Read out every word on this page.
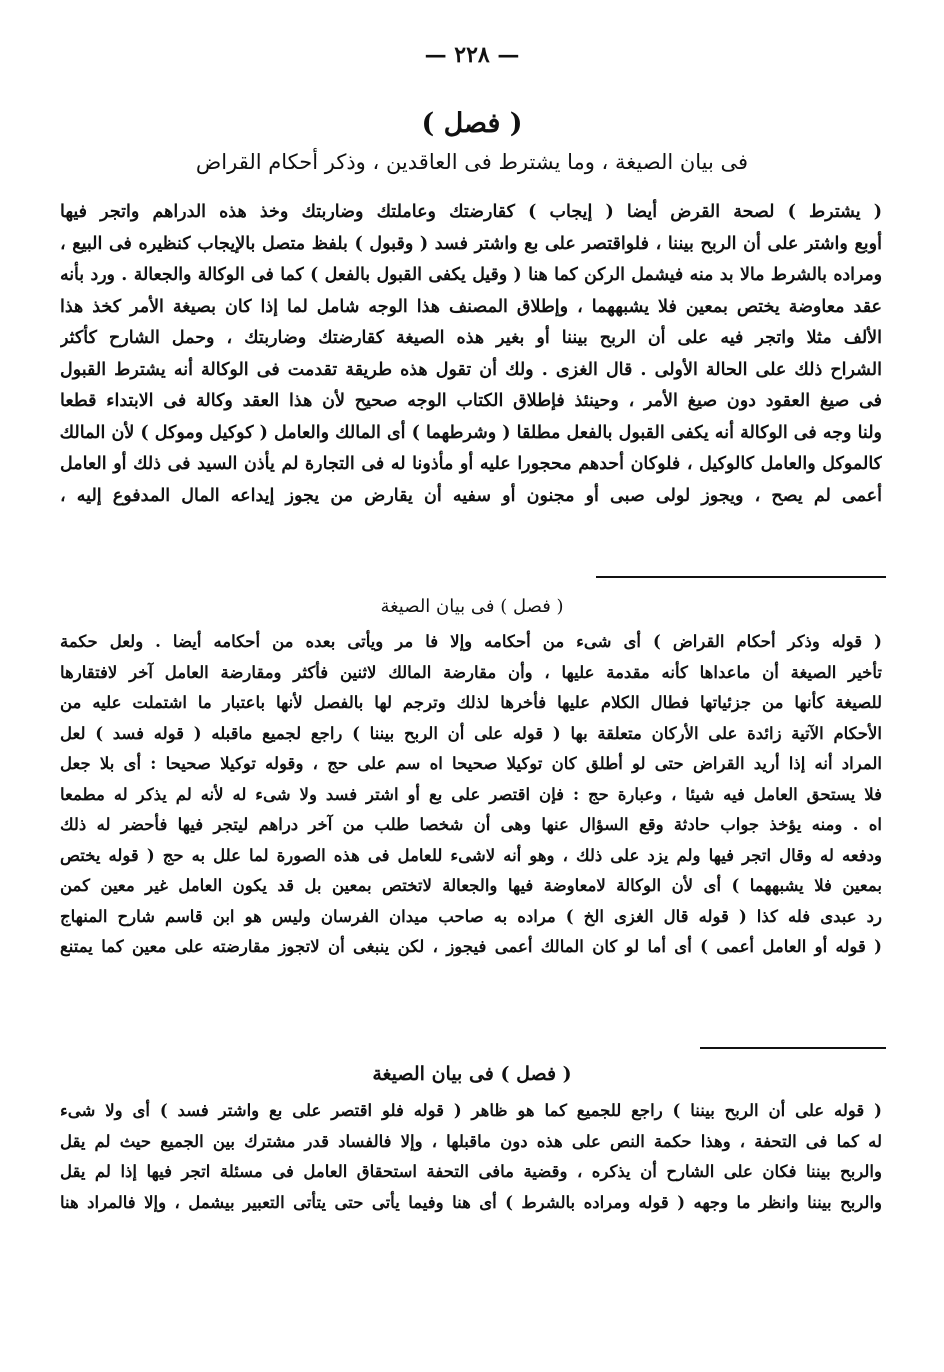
— ٢٢٨ —
( فصل )
فى بيان الصيغة ، وما يشترط فى العاقدين ، وذكر أحكام القراض
( يشترط ) لصحة القرض أيضا ( إيجاب ) كقارضتك وعاملتك وضاربتك وخذ هذه الدراهم واتجر فيها
أوبع واشتر على أن الربح بيننا ، فلواقتصر على بع واشتر فسد ( وقبول ) بلفظ متصل بالإيجاب كنظيره فى البيع ،
ومراده بالشرط مالا بد منه فيشمل الركن كما هنا ( وقيل يكفى القبول بالفعل ) كما فى الوكالة والجعالة . ورد بأنه
عقد معاوضة يختص بمعين فلا يشبههما ، وإطلاق المصنف هذا الوجه شامل لما إذا كان بصيغة الأمر كخذ هذا
الألف مثلا واتجر فيه على أن الربح بيننا أو بغير هذه الصيغة كقارضتك وضاربتك ، وحمل الشارح كأكثر
الشراح ذلك على الحالة الأولى . قال الغزى . ولك أن تقول هذه طريقة تقدمت فى الوكالة أنه يشترط القبول
فى صيغ العقود دون صيغ الأمر ، وحينئذ فإطلاق الكتاب الوجه صحيح لأن هذا العقد وكالة فى الابتداء قطعا
ولنا وجه فى الوكالة أنه يكفى القبول بالفعل مطلقا ( وشرطهما ) أى المالك والعامل ( كوكيل وموكل ) لأن المالك
كالموكل والعامل كالوكيل ، فلوكان أحدهم محجورا عليه أو مأذونا له فى التجارة لم يأذن السيد فى ذلك أو العامل
أعمى لم يصح ، ويجوز لولى صبى أو مجنون أو سفيه أن يقارض من يجوز إيداعه المال المدفوع إليه ،
( فصل ) فى بيان الصيغة
( قوله وذكر أحكام القراض ) أى شىء من أحكامه وإلا فا مر ويأتى بعده من أحكامه أيضا . ولعل حكمة
تأخير الصيغة أن ماعداها كأنه مقدمة عليها ، وأن مقارضة المالك لاثنين فأكثر ومقارضة العامل آخر لافتقارها
للصيغة كأنها من جزئياتها فطال الكلام عليها فأخرها لذلك وترجم لها بالفصل لأنها باعتبار ما اشتملت عليه من
الأحكام الآتية زائدة على الأركان متعلقة بها ( قوله على أن الربح بيننا ) راجع لجميع ماقبله ( قوله فسد ) لعل
المراد أنه إذا أريد القراض حتى لو أطلق كان توكيلا صحيحا اه سم على حج ، وقوله توكيلا صحيحا : أى بلا جعل
فلا يستحق العامل فيه شيئا ، وعبارة حج : فإن اقتصر على بع أو اشتر فسد ولا شىء له لأنه لم يذكر له مطمعا
اه . ومنه يؤخذ جواب حادثة وقع السؤال عنها وهى أن شخصا طلب من آخر دراهم ليتجر فيها فأحضر له ذلك
ودفعه له وقال اتجر فيها ولم يزد على ذلك ، وهو أنه لاشىء للعامل فى هذه الصورة لما علل به حج ( قوله يختص
بمعين فلا يشبههما ) أى لأن الوكالة لامعاوضة فيها والجعالة لاتختص بمعين بل قد يكون العامل غير معين كمن
رد عبدى فله كذا ( قوله قال الغزى الخ ) مراده به صاحب ميدان الفرسان وليس هو ابن قاسم شارح المنهاج
( قوله أو العامل أعمى ) أى أما لو كان المالك أعمى فيجوز ، لكن ينبغى أن لاتجوز مقارضته على معين كما يمتنع
( فصل ) فى بيان الصيغة
( قوله على أن الربح بيننا ) راجع للجميع كما هو ظاهر ( قوله فلو اقتصر على بع واشتر فسد ) أى ولا شىء
له كما فى التحفة ، وهذا حكمة النص على هذه دون ماقبلها ، وإلا فالفساد قدر مشترك بين الجميع حيث لم يقل
والربح بيننا فكان على الشارح أن يذكره ، وقضية مافى التحفة استحقاق العامل فى مسئلة اتجر فيها إذا لم يقل
والربح بيننا وانظر ما وجهه ( قوله ومراده بالشرط ) أى هنا وفيما يأتى حتى يتأتى التعبير بيشمل ، وإلا فالمراد هنا
